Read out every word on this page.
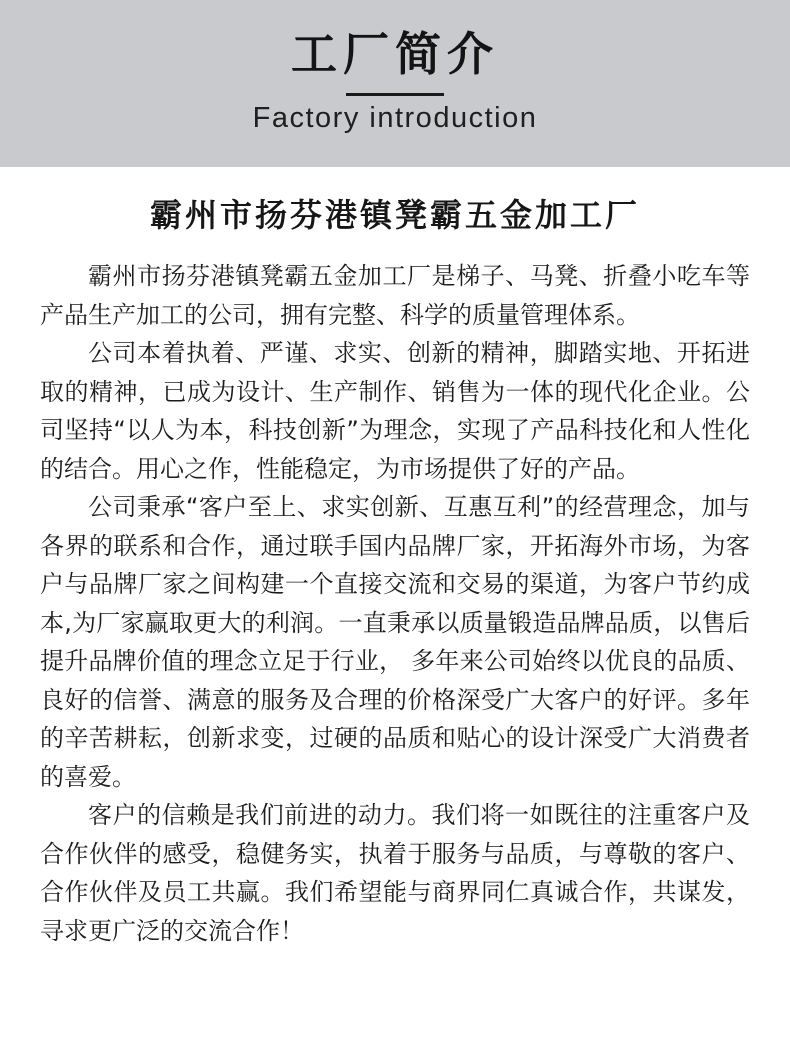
工厂简介
Factory introduction
霸州市扬芬港镇凳霸五金加工厂

霸州市扬芬港镇凳霸五金加工厂是梯子、马凳、折叠小吃车等产品生产加工的公司，拥有完整、科学的质量管理体系。

公司本着执着、严谨、求实、创新的精神，脚踏实地、开拓进取的精神，已成为设计、生产制作、销售为一体的现代化企业。公司坚持“以人为本，科技创新”为理念，实现了产品科技化和人性化的结合。用心之作，性能稳定，为市场提供了好的产品。

公司秉承“客户至上、求实创新、互惠互利”的经营理念，加与各界的联系和合作，通过联手国内品牌厂家，开拓海外市场，为客户与品牌厂家之间构建一个直接交流和交易的渠道，为客户节约成本,为厂家赢取更大的利润。一直秉承以质量锻造品牌品质，以售后提升品牌价值的理念立足于行业， 多年来公司始终以优良的品质、良好的信誉、满意的服务及合理的价格深受广大客户的好评。多年的辛苦耕耘，创新求变，过硬的品质和贴心的设计深受广大消费者的喜爱。

客户的信赖是我们前进的动力。我们将一如既往的注重客户及合作伙伴的感受，稳健务实，执着于服务与品质，与尊敬的客户、合作伙伴及员工共赢。我们希望能与商界同仁真诚合作，共谋发，寻求更广泛的交流合作！
